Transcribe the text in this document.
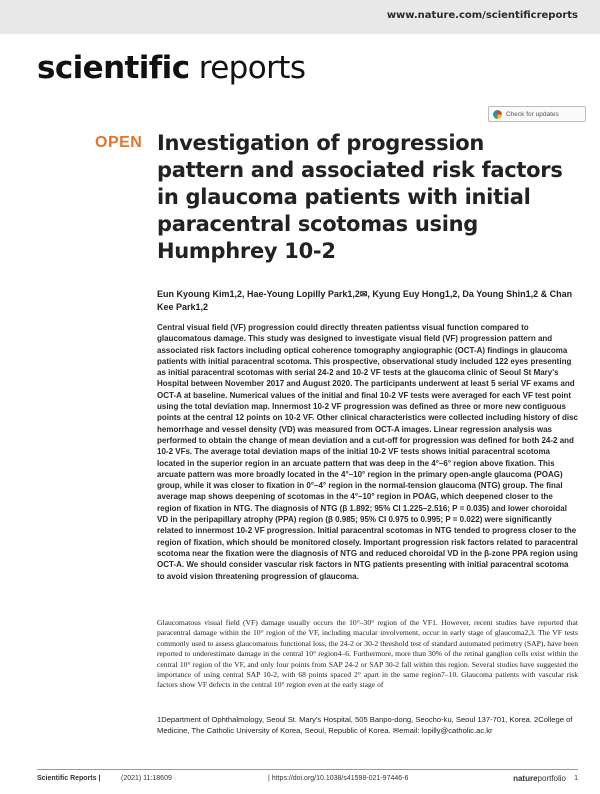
www.nature.com/scientificreports
scientific reports
Check for updates
OPEN Investigation of progression pattern and associated risk factors in glaucoma patients with initial paracentral scotomas using Humphrey 10-2

Eun Kyoung Kim1,2, Hae-Young Lopilly Park1,2✉, Kyung Euy Hong1,2, Da Young Shin1,2 & Chan Kee Park1,2

Central visual field (VF) progression could directly threaten patientss visual function compared to glaucomatous damage. This study was designed to investigate visual field (VF) progression pattern and associated risk factors including optical coherence tomography angiographic (OCT-A) findings in glaucoma patients with initial paracentral scotoma. This prospective, observational study included 122 eyes presenting as initial paracentral scotomas with serial 24-2 and 10-2 VF tests at the glaucoma clinic of Seoul St Mary's Hospital between November 2017 and August 2020. The participants underwent at least 5 serial VF exams and OCT-A at baseline. Numerical values of the initial and final 10-2 VF tests were averaged for each VF test point using the total deviation map. Innermost 10-2 VF progression was defined as three or more new contiguous points at the central 12 points on 10-2 VF. Other clinical characteristics were collected including history of disc hemorrhage and vessel density (VD) was measured from OCT-A images. Linear regression analysis was performed to obtain the change of mean deviation and a cut-off for progression was defined for both 24-2 and 10-2 VFs. The average total deviation maps of the initial 10-2 VF tests shows initial paracentral scotoma located in the superior region in an arcuate pattern that was deep in the 4°–6° region above fixation. This arcuate pattern was more broadly located in the 4°–10° region in the primary open-angle glaucoma (POAG) group, while it was closer to fixation in 0°–4° region in the normal-tension glaucoma (NTG) group. The final average map shows deepening of scotomas in the 4°–10° region in POAG, which deepened closer to the region of fixation in NTG. The diagnosis of NTG (β 1.892; 95% CI 1.225–2.516; P = 0.035) and lower choroidal VD in the peripapillary atrophy (PPA) region (β 0.985; 95% CI 0.975 to 0.995; P = 0.022) were significantly related to innermost 10-2 VF progression. Initial paracentral scotomas in NTG tended to progress closer to the region of fixation, which should be monitored closely. Important progression risk factors related to paracentral scotoma near the fixation were the diagnosis of NTG and reduced choroidal VD in the β-zone PPA region using OCT-A. We should consider vascular risk factors in NTG patients presenting with initial paracentral scotoma to avoid vision threatening progression of glaucoma.

Glaucomatous visual field (VF) damage usually occurs the 10°–30° region of the VF1. However, recent studies have reported that paracentral damage within the 10° region of the VF, including macular involvement, occur in early stage of glaucoma2,3. The VF tests commonly used to assess glaucomatous functional loss, the 24-2 or 30-2 threshold test of standard automated perimetry (SAP), have been reported to underestimate damage in the central 10° region4–6. Furthermore, more than 30% of the retinal ganglion cells exist within the central 10° region of the VF, and only four points from SAP 24-2 or SAP 30-2 fall within this region. Several studies have suggested the importance of using central SAP 10-2, with 68 points spaced 2° apart in the same region7–10. Glaucoma patients with vascular risk factors show VF defects in the central 10° region even at the early stage of

1Department of Ophthalmology, Seoul St. Mary's Hospital, 505 Banpo-dong, Seocho-ku, Seoul 137-701, Korea. 2College of Medicine, The Catholic University of Korea, Seoul, Republic of Korea. ✉email: lopilly@catholic.ac.kr

Scientific Reports |	(2021) 11:18609	| https://doi.org/10.1038/s41598-021-97446-6	natureportfolio 1
